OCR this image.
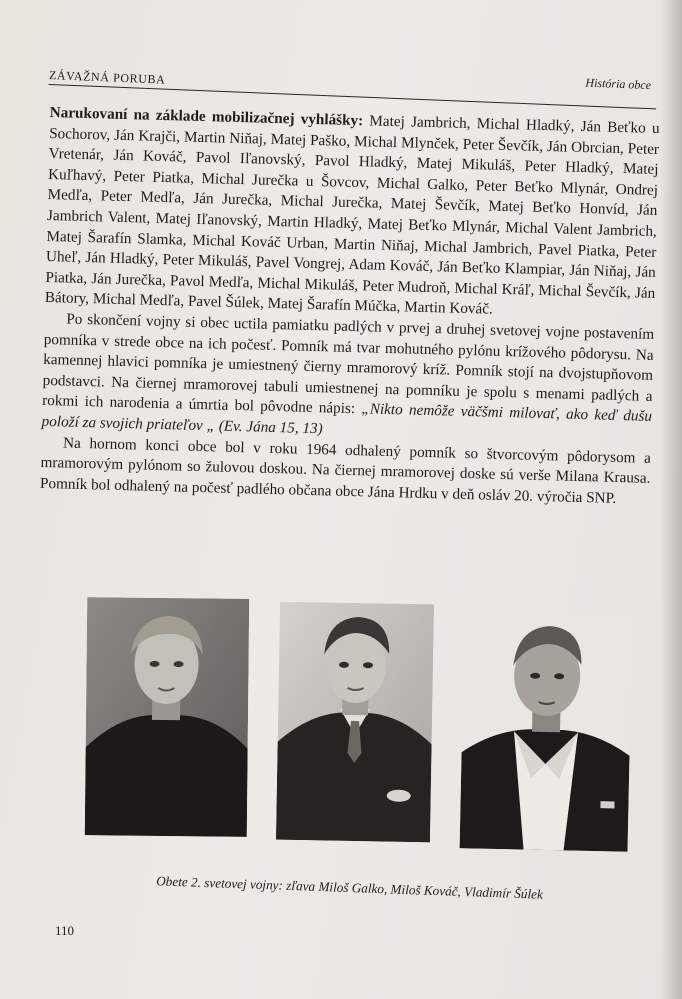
ZÁVAŽNÁ PORUBA	História obce

Narukovaní na základe mobilizačnej vyhlášky: Matej Jambrich, Michal Hladký, Ján Beťko u Sochorov, Ján Krajči, Martin Niňaj, Matej Paško, Michal Mlynček, Peter Ševčík, Ján Obrcian, Peter Vretenár, Ján Kováč, Pavol Iľanovský, Pavol Hladký, Matej Mikuláš, Peter Hladký, Matej Kuľhavý, Peter Piatka, Michal Jurečka u Šovcov, Michal Galko, Peter Beťko Mlynár, Ondrej Medľa, Peter Medľa, Ján Jurečka, Michal Jurečka, Matej Ševčík, Matej Beťko Honvíd, Ján Jambrich Valent, Matej Iľanovský, Martin Hladký, Matej Beťko Mlynár, Michal Valent Jambrich, Matej Šarafín Slamka, Michal Kováč Urban, Martin Niňaj, Michal Jambrich, Pavel Piatka, Peter Uheľ, Ján Hladký, Peter Mikuláš, Pavel Vongrej, Adam Kováč, Ján Beťko Klampiar, Ján Niňaj, Ján Piatka, Ján Jurečka, Pavol Medľa, Michal Mikuláš, Peter Mudroň, Michal Kráľ, Michal Ševčík, Ján Bátory, Michal Medľa, Pavel Šúlek, Matej Šarafín Múčka, Martin Kováč.

Po skončení vojny si obec uctila pamiatku padlých v prvej a druhej svetovej vojne postavením pomníka v strede obce na ich počesť. Pomník má tvar mohutného pylónu krížového pôdorysu. Na kamennej hlavici pomníka je umiestnený čierny mramorový kríž. Pomník stojí na dvojstupňovom podstavci. Na čiernej mramorovej tabuli umiestnenej na pomníku je spolu s menami padlých a rokmi ich narodenia a úmrtia bol pôvodne nápis: „Nikto nemôže väčšmi milovať, ako keď dušu položí za svojich priateľov „ (Ev. Jána 15, 13)

Na hornom konci obce bol v roku 1964 odhalený pomník so štvorcovým pôdorysom a mramorovým pylónom so žulovou doskou. Na čiernej mramorovej doske sú verše Milana Krausa. Pomník bol odhalený na počesť padlého občana obce Jána Hrdku v deň osláv 20. výročia SNP.

Obete 2. svetovej vojny: zľava Miloš Galko, Miloš Kováč, Vladimír Šúlek
110
